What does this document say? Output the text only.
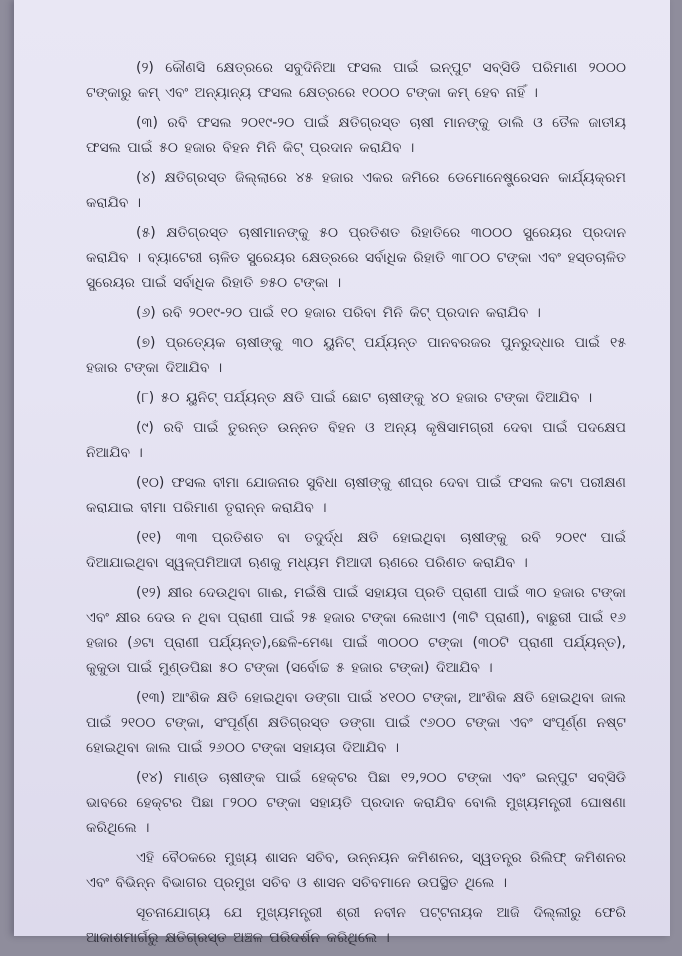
(୨) କୌଣସି କ୍ଷେତ୍ରରେ ସବୁଦିନିଆ ଫସଲ ପାଇଁ ଇନ୍‌ପୁଟ ସବ୍‌ସିଡି ପରିମାଣ ୨୦୦୦ ଟଙ୍କାରୁ କମ୍ ଏବଂ ଅନ୍ୟାନ୍ୟ ଫସଲ କ୍ଷେତ୍ରରେ ୧୦୦୦ ଟଙ୍କା କମ୍ ହେବ ନାହିଁ ।

(୩) ରବି ଫସଲ ୨୦୧୯-୨୦ ପାଇଁ କ୍ଷତିଗ୍ରସ୍ତ ଚାଷୀ ମାନଙ୍କୁ ଡାଲି ଓ ତୈଳ ଜାତୀୟ ଫସଲ ପାଇଁ ୫୦ ହଜାର ବିହନ ମିନି କିଟ୍ ପ୍ରଦାନ କରାଯିବ ।

(୪) କ୍ଷତିଗ୍ରସ୍ତ ଜିଲ୍ଲାରେ ୪୫ ହଜାର ଏକର ଜମିରେ ଡେମୋନେଷ୍ଟ୍ରେସନ କାର୍ଯ୍ୟକ୍ରମ କରାଯିବ ।

(୫) କ୍ଷତିଗ୍ରସ୍ତ ଚାଷୀମାନଙ୍କୁ ୫୦ ପ୍ରତିଶତ ରିହାତିରେ ୩୦୦୦ ସ୍ପ୍ରେୟର ପ୍ରଦାନ କରାଯିବ । ବ୍ୟାଟେରୀ ଚାଳିତ ସ୍ପ୍ରେୟର କ୍ଷେତ୍ରରେ ସର୍ବାଧିକ ରିହାତି ୩୮୦୦ ଟଙ୍କା ଏବଂ ହସ୍ତଚାଳିତ ସ୍ପ୍ରେୟର ପାଇଁ ସର୍ବାଧିକ ରିହାତି ୭୫୦ ଟଙ୍କା ।

(୬) ରବି ୨୦୧୯-୨୦ ପାଇଁ ୧୦ ହଜାର ପରିବା ମିନି କିଟ୍ ପ୍ରଦାନ କରାଯିବ ।

(୭) ପ୍ରତ୍ୟେକ ଚାଷୀଙ୍କୁ ୩୦ ୟୁନିଟ୍ ପର୍ଯ୍ୟନ୍ତ ପାନବରଜର ପୁନରୁଦ୍ଧାର ପାଇଁ ୧୫ ହଜାର ଟଙ୍କା ଦିଆଯିବ ।

(୮) ୫୦ ୟୁନିଟ୍ ପର୍ଯ୍ୟନ୍ତ କ୍ଷତି ପାଇଁ ଛୋଟ ଚାଷୀଙ୍କୁ ୪୦ ହଜାର ଟଙ୍କା ଦିଆଯିବ ।

(୯) ରବି ପାଇଁ ତୁରନ୍ତ ଉନ୍ନତ ବିହନ ଓ ଅନ୍ୟ କୃଷିସାମଗ୍ରୀ ଦେବା ପାଇଁ ପଦକ୍ଷେପ ନିଆଯିବ ।

(୧୦) ଫସଲ ବୀମା ଯୋଜନାର ସୁବିଧା ଚାଷୀଙ୍କୁ ଶୀଘ୍ର ଦେବା ପାଇଁ ଫସଲ କଟା ପରୀକ୍ଷଣ କରାଯାଇ ବୀମା ପରିମାଣ ତୃରାନ୍ନ କରାଯିବ ।

(୧୧) ୩୩ ପ୍ରତିଶତ ବା ତଦୁର୍ଦ୍ଧ କ୍ଷତି ହୋଇଥିବା ଚାଷୀଙ୍କୁ ରବି ୨୦୧୯ ପାଇଁ ଦିଆଯାଇଥିବା ସ୍ୱଳ୍ପମିଆଦୀ ଋଣକୁ ମଧ୍ୟମ ମିଆଦୀ ଋଣରେ ପରିଣତ କରାଯିବ ।

(୧୨) କ୍ଷୀର ଦେଉଥିବା ଗାଈ, ମଇଁଷି ପାଇଁ ସହାୟତା ପ୍ରତି ପ୍ରାଣୀ ପାଇଁ ୩୦ ହଜାର ଟଙ୍କା ଏବଂ କ୍ଷୀର ଦେଉ ନ ଥିବା ପ୍ରାଣୀ ପାଇଁ ୨୫ ହଜାର ଟଙ୍କା ଲେଖାଏ (୩ଟି ପ୍ରାଣୀ), ବାଛୁରୀ ପାଇଁ ୧୬ ହଜାର (୬ଟା ପ୍ରାଣୀ ପର୍ଯ୍ୟନ୍ତ),ଛେଳି-ମେଣ୍ଢା ପାଇଁ ୩୦୦୦ ଟଙ୍କା (୩୦ଟି ପ୍ରାଣୀ ପର୍ଯ୍ୟନ୍ତ), କୁକୁଡା ପାଇଁ ମୁଣ୍ଡପିଛା ୫୦ ଟଙ୍କା (ସର୍ବୋଚ୍ଚ ୫ ହଜାର ଟଙ୍କା) ଦିଆଯିବ ।

(୧୩) ଆଂଶିକ କ୍ଷତି ହୋଇଥିବା ଡଙ୍ଗା ପାଇଁ ୪୧୦୦ ଟଙ୍କା, ଆଂଶିକ କ୍ଷତି ହୋଇଥିବା ଜାଲ ପାଇଁ ୨୧୦୦ ଟଙ୍କା, ସଂପୂର୍ଣ୍ଣ କ୍ଷତିଗ୍ରସ୍ତ ଡଙ୍ଗା ପାଇଁ ୯୬୦୦ ଟଙ୍କା ଏବଂ ସଂପୂର୍ଣ୍ଣ ନଷ୍ଟ ହୋଇଥିବା ଜାଲ ପାଇଁ ୨୬୦୦ ଟଙ୍କା ସହାୟତା ଦିଆଯିବ ।

(୧୪) ମାଣ୍ଡ ଚାଷୀଙ୍କ ପାଇଁ ହେକ୍ଟର ପିଛା ୧୨,୨୦୦ ଟଙ୍କା ଏବଂ ଇନ୍‌ପୁଟ ସବ୍‌ସିଡି ଭାବରେ ହେକ୍ଟର ପିଛା ୮୨୦୦ ଟଙ୍କା ସହାୟତି ପ୍ରଦାନ କରାଯିବ ବୋଲି ମୁଖ୍ୟମନ୍ତ୍ରୀ ଘୋଷଣା କରିଥିଲେ ।

ଏହି ବୈଠକରେ ମୁଖ୍ୟ ଶାସନ ସଚିବ, ଉନ୍ନୟନ କମିଶନର, ସ୍ୱତନ୍ତ୍ର ରିଲିଫ୍ କମିଶନର ଏବଂ ବିଭିନ୍ନ ବିଭାଗର ପ୍ରମୁଖ ସଚିବ ଓ ଶାସନ ସଚିବମାନେ ଉପସ୍ଥିତ ଥିଲେ ।

ସୂଚନାଯୋଗ୍ୟ ଯେ ମୁଖ୍ୟମନ୍ତ୍ରୀ ଶ୍ରୀ ନବୀନ ପଟ୍ଟନାୟକ ଆଜି ଦିଲ୍ଲୀରୁ ଫେରି ଆକାଶମାର୍ଗରୁ କ୍ଷତିଗ୍ରସ୍ତ ଅଞ୍ଚଳ ପରିଦର୍ଶନ କରିଥିଲେ ।
